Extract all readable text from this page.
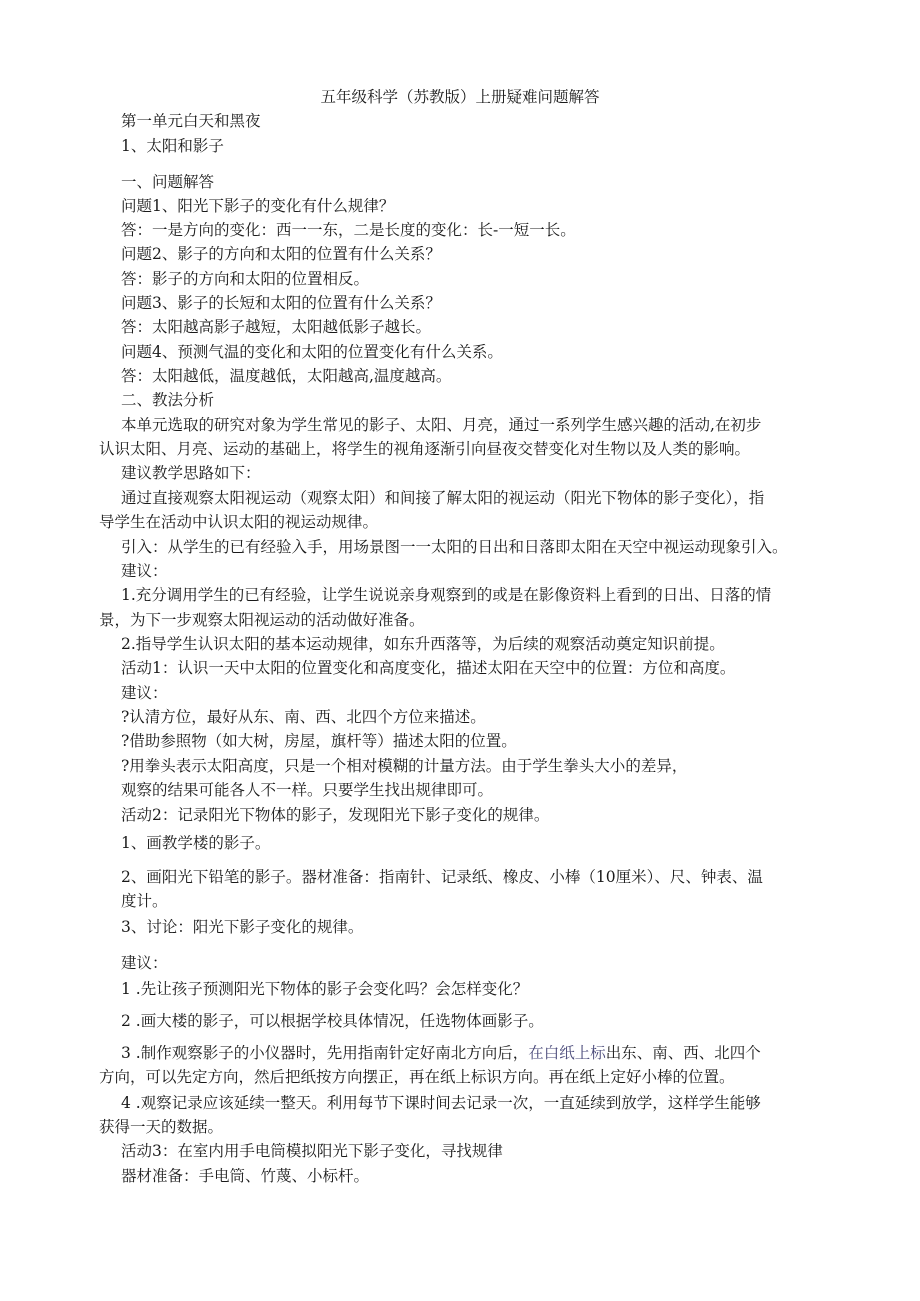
五年级科学（苏教版）上册疑难问题解答
第一单元白天和黑夜
1、太阳和影子
一、问题解答
问题1、阳光下影子的变化有什么规律？
答：一是方向的变化：西一一东，二是长度的变化：长-一短一长。
问题2、影子的方向和太阳的位置有什么关系？
答：影子的方向和太阳的位置相反。
问题3、影子的长短和太阳的位置有什么关系？
答：太阳越高影子越短，太阳越低影子越长。
问题4、预测气温的变化和太阳的位置变化有什么关系。
答：太阳越低，温度越低，太阳越高,温度越高。
二、教法分析
本单元选取的研究对象为学生常见的影子、太阳、月亮，通过一系列学生感兴趣的活动,在初步
认识太阳、月亮、运动的基础上，将学生的视角逐渐引向昼夜交替变化对生物以及人类的影响。
建议教学思路如下：
通过直接观察太阳视运动（观察太阳）和间接了解太阳的视运动（阳光下物体的影子变化），指
导学生在活动中认识太阳的视运动规律。
引入：从学生的已有经验入手，用场景图一一太阳的日出和日落即太阳在天空中视运动现象引入。
建议：
1.充分调用学生的已有经验，让学生说说亲身观察到的或是在影像资料上看到的日出、日落的情
景，为下一步观察太阳视运动的活动做好准备。
2.指导学生认识太阳的基本运动规律，如东升西落等，为后续的观察活动奠定知识前提。
活动1：认识一天中太阳的位置变化和高度变化，描述太阳在天空中的位置：方位和高度。
建议：
?认清方位，最好从东、南、西、北四个方位来描述。
?借助参照物（如大树，房屋，旗杆等）描述太阳的位置。
?用拳头表示太阳高度，只是一个相对模糊的计量方法。由于学生拳头大小的差异，
观察的结果可能各人不一样。只要学生找出规律即可。
活动2：记录阳光下物体的影子，发现阳光下影子变化的规律。
1、画教学楼的影子。
2、画阳光下铅笔的影子。器材准备：指南针、记录纸、橡皮、小棒（10厘米）、尺、钟表、温
度计。
3、讨论：阳光下影子变化的规律。
建议：
1 .先让孩子预测阳光下物体的影子会变化吗？会怎样变化？
2 .画大楼的影子，可以根据学校具体情况，任选物体画影子。
3 .制作观察影子的小仪器时，先用指南针定好南北方向后，在白纸上标出东、南、西、北四个
方向，可以先定方向，然后把纸按方向摆正，再在纸上标识方向。再在纸上定好小棒的位置。
4 .观察记录应该延续一整天。利用每节下课时间去记录一次，一直延续到放学，这样学生能够
获得一天的数据。
活动3：在室内用手电筒模拟阳光下影子变化，寻找规律
器材准备：手电筒、竹蔑、小标杆。
